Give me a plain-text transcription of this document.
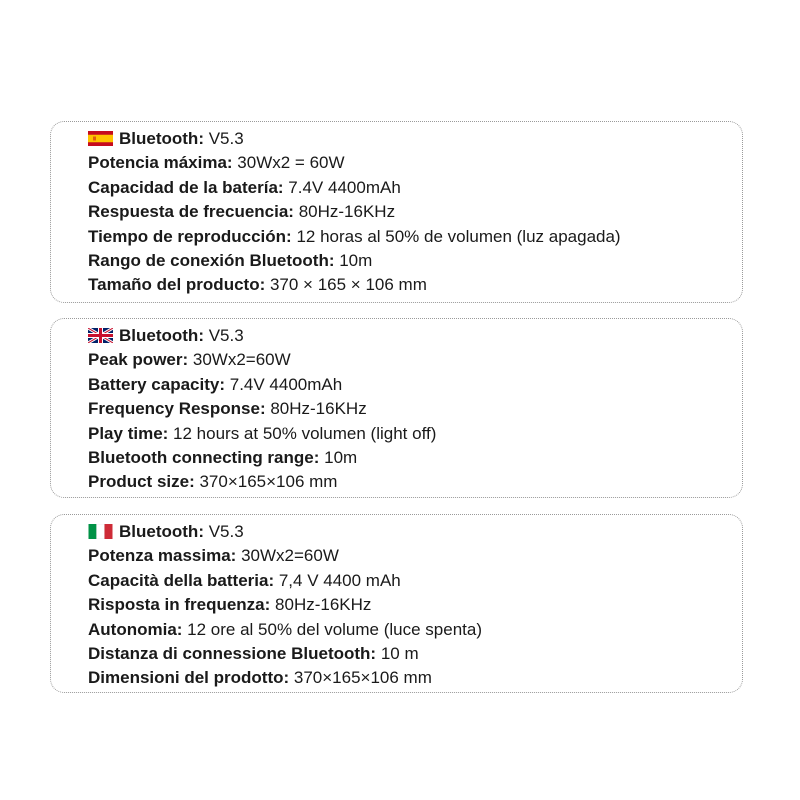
Bluetooth: V5.3
Potencia máxima: 30Wx2 = 60W
Capacidad de la batería: 7.4V 4400mAh
Respuesta de frecuencia: 80Hz-16KHz
Tiempo de reproducción: 12 horas al 50% de volumen (luz apagada)
Rango de conexión Bluetooth: 10m
Tamaño del producto: 370 × 165 × 106 mm
Bluetooth: V5.3
Peak power: 30Wx2=60W
Battery capacity: 7.4V 4400mAh
Frequency Response: 80Hz-16KHz
Play time: 12 hours at 50% volumen (light off)
Bluetooth connecting range: 10m
Product size: 370×165×106 mm
Bluetooth: V5.3
Potenza massima: 30Wx2=60W
Capacità della batteria: 7,4 V 4400 mAh
Risposta in frequenza: 80Hz-16KHz
Autonomia: 12 ore al 50% del volume (luce spenta)
Distanza di connessione Bluetooth: 10 m
Dimensioni del prodotto: 370×165×106 mm
